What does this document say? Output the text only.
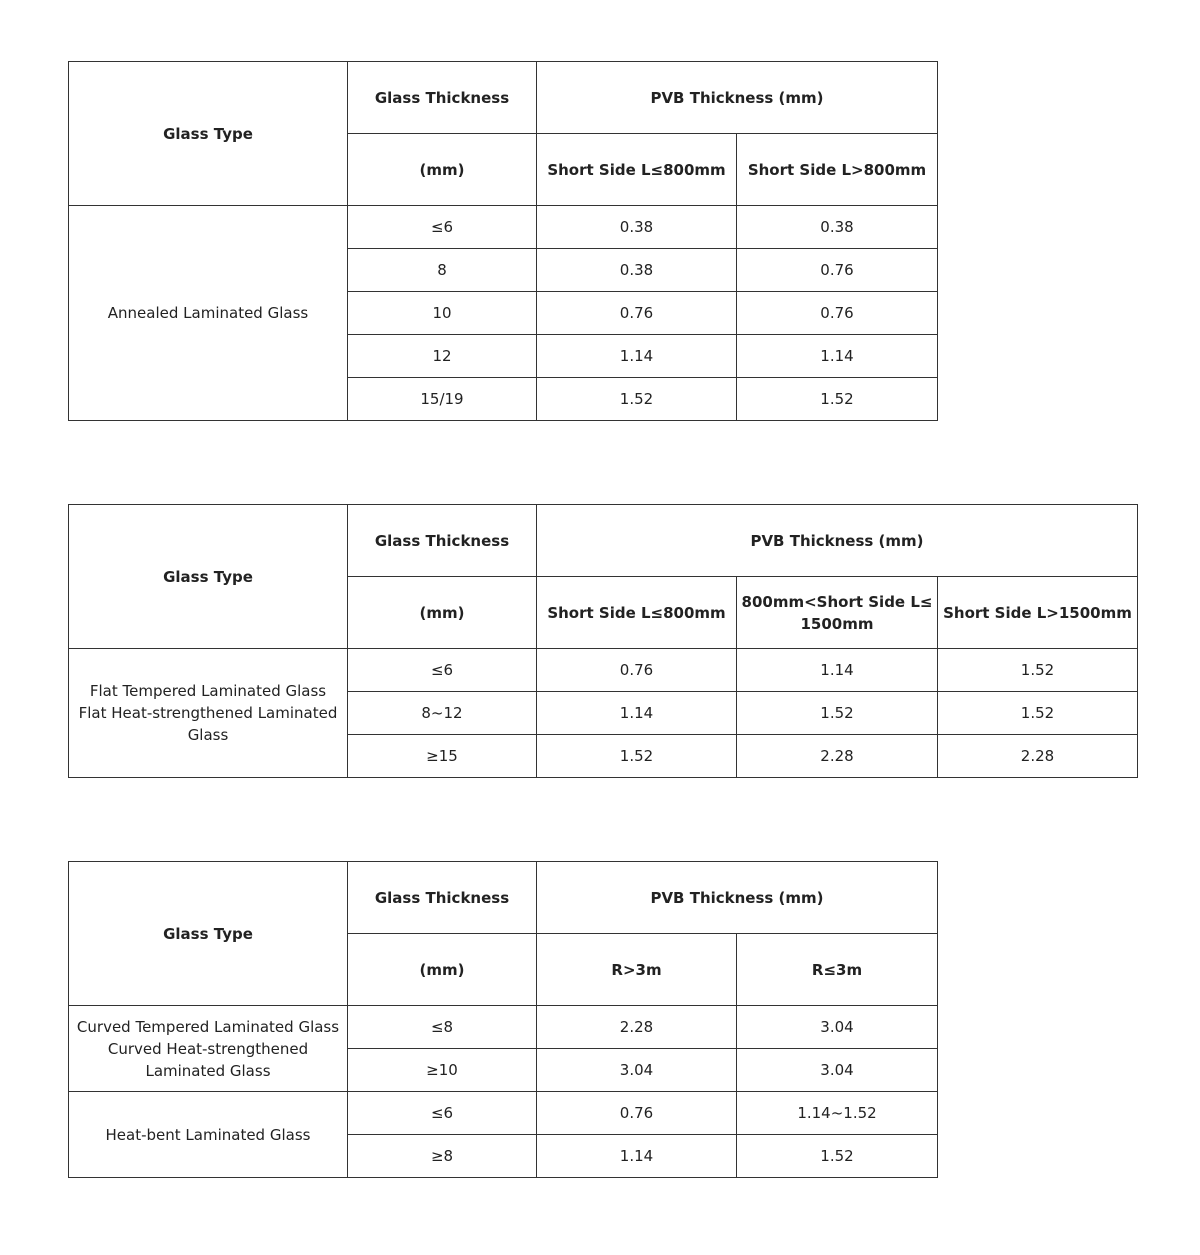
Glass Type	Glass Thickness	PVB Thickness (mm)	
	(mm)	Short Side L≤800mm	Short Side L>800mm
Annealed Laminated Glass	≤6	0.38	0.38
	8	0.38	0.76
	10	0.76	0.76
	12	1.14	1.14
	15/19	1.52	1.52
Glass Type	Glass Thickness	PVB Thickness (mm)		
	(mm)	Short Side L≤800mm	800mm<Short Side L≤
1500mm	Short Side L>1500mm
Flat Tempered Laminated Glass
Flat Heat-strengthened Laminated
Glass	≤6	0.76	1.14	1.52
	8~12	1.14	1.52	1.52
	≥15	1.52	2.28	2.28
Glass Type	Glass Thickness	PVB Thickness (mm)	
	(mm)	R>3m	R≤3m
Curved Tempered Laminated Glass
Curved Heat-strengthened
Laminated Glass	≤8	2.28	3.04
	≥10	3.04	3.04
Heat-bent Laminated Glass	≤6	0.76	1.14~1.52
	≥8	1.14	1.52
